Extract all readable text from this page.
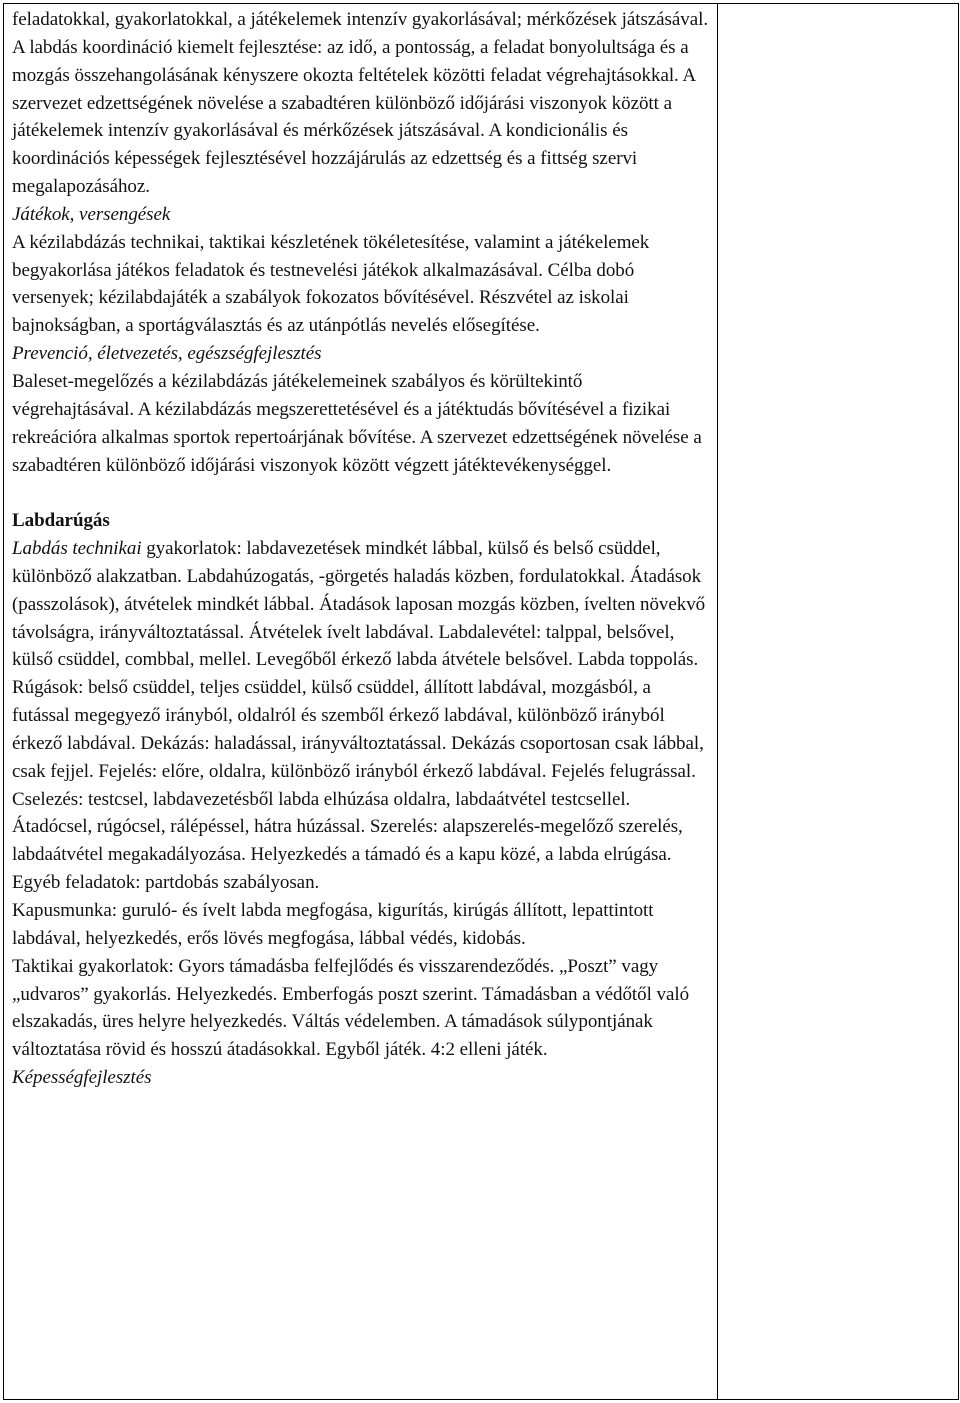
feladatokkal, gyakorlatokkal, a játékelemek intenzív gyakorlásával; mérkőzések játszásával. A labdás koordináció kiemelt fejlesztése: az idő, a pontosság, a feladat bonyolultsága és a mozgás összehangolásának kényszere okozta feltételek közötti feladat végrehajtásokkal. A szervezet edzettségének növelése a szabadtéren különböző időjárási viszonyok között a játékelemek intenzív gyakorlásával és mérkőzések játszásával. A kondicionális és koordinációs képességek fejlesztésével hozzájárulás az edzettség és a fittség szervi megalapozásához.

Játékok, versengések

A kézilabdázás technikai, taktikai készletének tökéletesítése, valamint a játékelemek begyakorlása játékos feladatok és testnevelési játékok alkalmazásával. Célba dobó versenyek; kézilabdajáték a szabályok fokozatos bővítésével. Részvétel az iskolai bajnokságban, a sportágválasztás és az utánpótlás nevelés elősegítése.

Prevenció, életvezetés, egészségfejlesztés

Baleset-megelőzés a kézilabdázás játékelemeinek szabályos és körültekintő végrehajtásával. A kézilabdázás megszerettetésével és a játéktudás bővítésével a fizikai rekreációra alkalmas sportok repertoárjának bővítése. A szervezet edzettségének növelése a szabadtéren különböző időjárási viszonyok között végzett játéktevékenységgel.

Labdarúgás

Labdás technikai gyakorlatok: labdavezetések mindkét lábbal, külső és belső csüddel, különböző alakzatban. Labdahúzogatás, -görgetés haladás közben, fordulatokkal. Átadások (passzolások), átvételek mindkét lábbal. Átadások laposan mozgás közben, ívelten növekvő távolságra, irányváltoztatással. Átvételek ívelt labdával. Labdalevétel: talppal, belsővel, külső csüddel, combbal, mellel. Levegőből érkező labda átvétele belsővel. Labda toppolás. Rúgások: belső csüddel, teljes csüddel, külső csüddel, állított labdával, mozgásból, a futással megegyező irányból, oldalról és szemből érkező labdával, különböző irányból érkező labdával. Dekázás: haladással, irányváltoztatással. Dekázás csoportosan csak lábbal, csak fejjel. Fejelés: előre, oldalra, különböző irányból érkező labdával. Fejelés felugrással. Cselezés: testcsel, labdavezetésből labda elhúzása oldalra, labdaátvétel testcsellel. Átadócsel, rúgócsel, rálépéssel, hátra húzással. Szerelés: alapszerelés-megelőző szerelés, labdaátvétel megakadályozása. Helyezkedés a támadó és a kapu közé, a labda elrúgása. Egyéb feladatok: partdobás szabályosan.

Kapusmunka: guruló- és ívelt labda megfogása, kigurítás, kirúgás állított, lepattintott labdával, helyezkedés, erős lövés megfogása, lábbal védés, kidobás.

Taktikai gyakorlatok: Gyors támadásba felfejlődés és visszarendeződés. „Poszt” vagy „udvaros” gyakorlás. Helyezkedés. Emberfogás poszt szerint. Támadásban a védőtől való elszakadás, üres helyre helyezkedés. Váltás védelemben. A támadások súlypontjának változtatása rövid és hosszú átadásokkal. Egyből játék. 4:2 elleni játék.

Képességfejlesztés
